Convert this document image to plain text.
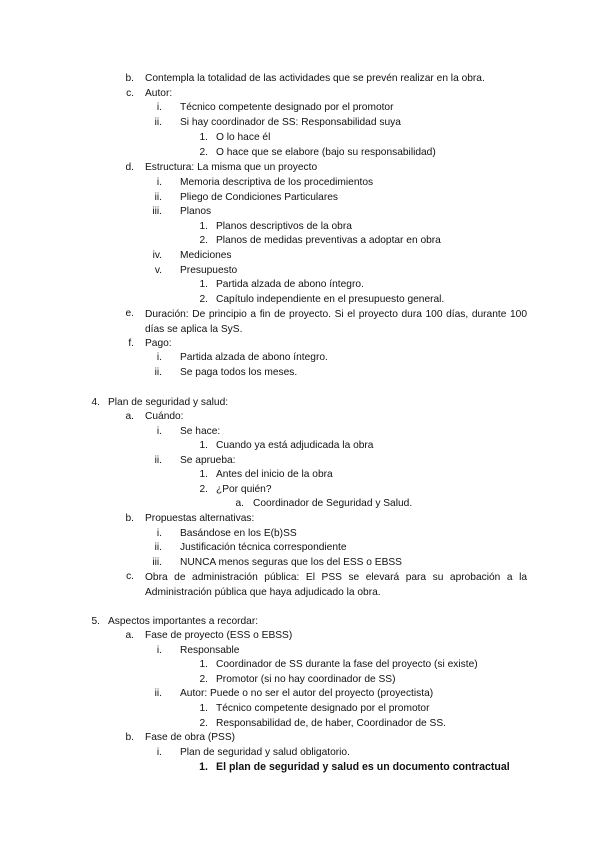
b. Contempla la totalidad de las actividades que se prevén realizar en la obra.
c. Autor:
i. Técnico competente designado por el promotor
ii. Si hay coordinador de SS: Responsabilidad suya
1. O lo hace él
2. O hace que se elabore (bajo su responsabilidad)
d. Estructura: La misma que un proyecto
i. Memoria descriptiva de los procedimientos
ii. Pliego de Condiciones Particulares
iii. Planos
1. Planos descriptivos de la obra
2. Planos de medidas preventivas a adoptar en obra
iv. Mediciones
v. Presupuesto
1. Partida alzada de abono íntegro.
2. Capítulo independiente en el presupuesto general.
e. Duración: De principio a fin de proyecto. Si el proyecto dura 100 días, durante 100 días se aplica la SyS.
f. Pago:
i. Partida alzada de abono íntegro.
ii. Se paga todos los meses.
4. Plan de seguridad y salud:
a. Cuándo:
i. Se hace:
1. Cuando ya está adjudicada la obra
ii. Se aprueba:
1. Antes del inicio de la obra
2. ¿Por quién?
a. Coordinador de Seguridad y Salud.
b. Propuestas alternativas:
i. Basándose en los E(b)SS
ii. Justificación técnica correspondiente
iii. NUNCA menos seguras que los del ESS o EBSS
c. Obra de administración pública: El PSS se elevará para su aprobación a la Administración pública que haya adjudicado la obra.
5. Aspectos importantes a recordar:
a. Fase de proyecto (ESS o EBSS)
i. Responsable
1. Coordinador de SS durante la fase del proyecto (si existe)
2. Promotor (si no hay coordinador de SS)
ii. Autor: Puede o no ser el autor del proyecto (proyectista)
1. Técnico competente designado por el promotor
2. Responsabilidad de, de haber, Coordinador de SS.
b. Fase de obra (PSS)
i. Plan de seguridad y salud obligatorio.
1. El plan de seguridad y salud es un documento contractual
